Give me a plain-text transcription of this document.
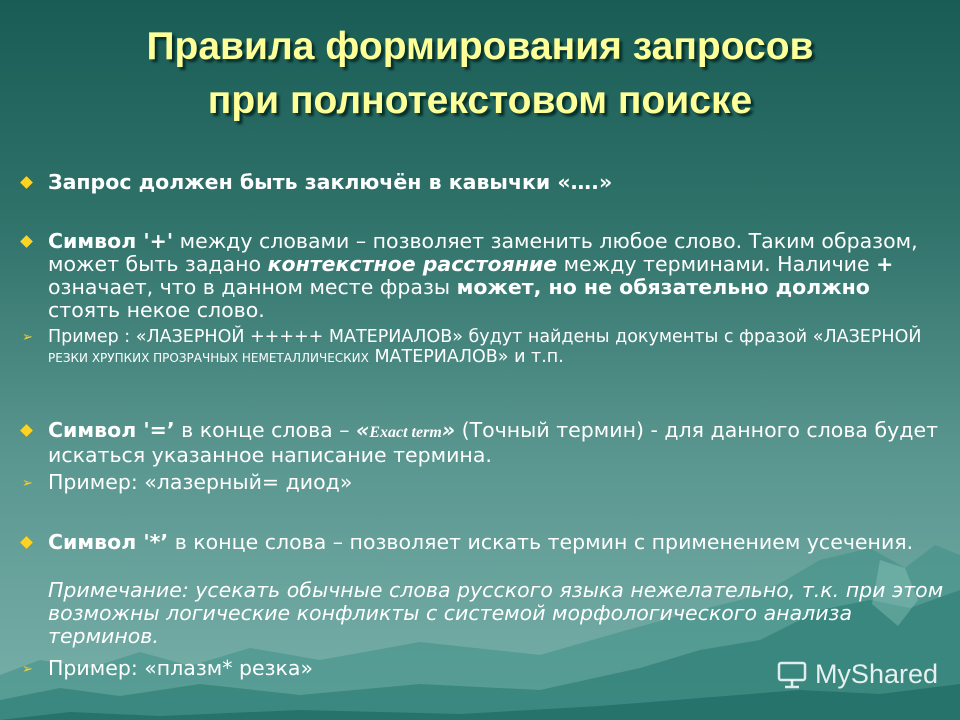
Правила формирования запросов
при полнотекстовом поиске
Запрос должен быть заключён в кавычки «….»
Символ '+' между словами – позволяет заменить любое слово. Таким образом, может быть задано контекстное расстояние между терминами. Наличие + означает, что в данном месте фразы может, но не обязательно должно стоять некое слово.
➢ Пример : «ЛАЗЕРНОЙ +++++ МАТЕРИАЛОВ» будут найдены документы с фразой «ЛАЗЕРНОЙ РЕЗКИ ХРУПКИХ ПРОЗРАЧНЫХ НЕМЕТАЛЛИЧЕСКИХ МАТЕРИАЛОВ» и т.п.
Символ '=’ в конце слова – «Exact term» (Точный термин) - для данного слова будет искаться указанное написание термина.
➢ Пример: «лазерный= диод»
Символ '*’ в конце слова – позволяет искать термин с применением усечения.
Примечание: усекать обычные слова русского языка нежелательно, т.к. при этом возможны логические конфликты с системой морфологического анализа терминов.
➢ Пример: «плазм* резка»	MyShared
